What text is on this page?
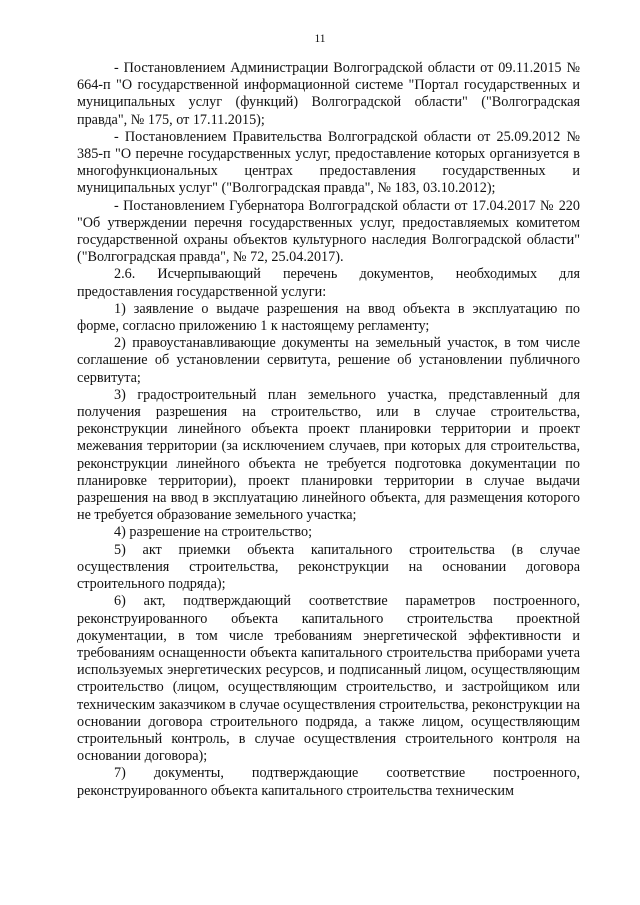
11

- Постановлением Администрации Волгоградской области от 09.11.2015 № 664-п "О государственной информационной системе "Портал государственных и муниципальных услуг (функций) Волгоградской области" ("Волгоградская правда", № 175, от 17.11.2015);

- Постановлением Правительства Волгоградской области от 25.09.2012 № 385-п "О перечне государственных услуг, предоставление которых организуется в многофункциональных центрах предоставления государственных и муниципальных услуг" ("Волгоградская правда", № 183, 03.10.2012);

- Постановлением Губернатора Волгоградской области от 17.04.2017 № 220 "Об утверждении перечня государственных услуг, предоставляемых комитетом государственной охраны объектов культурного наследия Волгоградской области" ("Волгоградская правда", № 72, 25.04.2017).

2.6. Исчерпывающий перечень документов, необходимых для предоставления государственной услуги:

1) заявление о выдаче разрешения на ввод объекта в эксплуатацию по форме, согласно приложению 1 к настоящему регламенту;

2) правоустанавливающие документы на земельный участок, в том числе соглашение об установлении сервитута, решение об установлении публичного сервитута;

3) градостроительный план земельного участка, представленный для получения разрешения на строительство, или в случае строительства, реконструкции линейного объекта проект планировки территории и проект межевания территории (за исключением случаев, при которых для строительства, реконструкции линейного объекта не требуется подготовка документации по планировке территории), проект планировки территории в случае выдачи разрешения на ввод в эксплуатацию линейного объекта, для размещения которого не требуется образование земельного участка;

4) разрешение на строительство;

5) акт приемки объекта капитального строительства (в случае осуществления строительства, реконструкции на основании договора строительного подряда);

6) акт, подтверждающий соответствие параметров построенного, реконструированного объекта капитального строительства проектной документации, в том числе требованиям энергетической эффективности и требованиям оснащенности объекта капитального строительства приборами учета используемых энергетических ресурсов, и подписанный лицом, осуществляющим строительство (лицом, осуществляющим строительство, и застройщиком или техническим заказчиком в случае осуществления строительства, реконструкции на основании договора строительного подряда, а также лицом, осуществляющим строительный контроль, в случае осуществления строительного контроля на основании договора);

7) документы, подтверждающие соответствие построенного, реконструированного объекта капитального строительства техническим
